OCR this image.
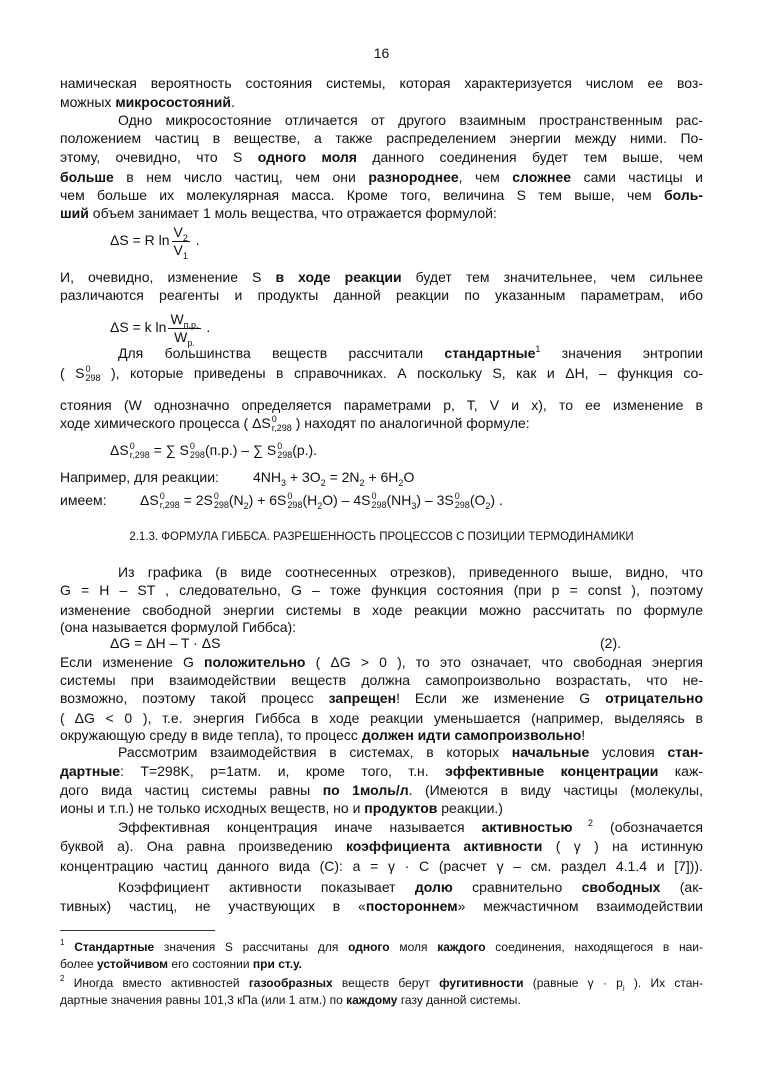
16
намическая вероятность состояния системы, которая характеризуется числом ее воз-
можных микросостояний.
Одно микросостояние отличается от другого взаимным пространственным рас-
положением частиц в веществе, а также распределением энергии между ними. По-
этому, очевидно, что S одного моля данного соединения будет тем выше, чем
больше в нем число частиц, чем они разнороднее, чем сложнее сами частицы и
чем больше их молекулярная масса. Кроме того, величина S тем выше, чем боль-
ший объем занимает 1 моль вещества, что отражается формулой:
ΔS = R $\ln \frac{V_2}{V_1}$ .
И, очевидно, изменение S в ходе реакции будет тем значительнее, чем сильнее
различаются реагенты и продукты данной реакции по указанным параметрам, ибо
ΔS = k $\ln \frac{W_{п.р.}}{W_{р.}}$ .
Для большинства веществ рассчитали стандартные$^1$ значения энтропии
( S 0
298 ), которые приведены в справочниках. А поскольку S, как и ΔH, – функция со-
стояния (W однозначно определяется параметрами p, T, V и x), то ее изменение в
ходе химического процесса ( ΔS 0
r,298 ) находят по аналогичной формуле:
ΔS 0
r,298 = ∑ S 0
298 (п.р.) – ∑ S 0
298 (р.).
Например, для реакции: $4NH_3 + 3O_2 = 2N_2 + 6H_2O$
имеем: ΔS 0
r,298 = 2S 0
298 $(N_2) + 6S$ 0
298 $(H_2O) - 4S$ 0
298 $(NH_3) - 3S$ 0
298 $(O_2)$ .
Из графика (в виде соотнесенных отрезков), приведенного выше, видно, что
G = H – ST , следовательно, G – тоже функция состояния (при p = const ), поэтому
изменение свободной энергии системы в ходе реакции можно рассчитать по формуле
(она называется формулой Гиббса):
ΔG = ΔH – T · ΔS	(2).
Если изменение G положительно ( ΔG > 0 ), то это означает, что свободная энергия
системы при взаимодействии веществ должна самопроизвольно возрастать, что не-
возможно, поэтому такой процесс запрещен! Если же изменение G отрицательно
( ΔG < 0 ), т.е. энергия Гиббса в ходе реакции уменьшается (например, выделяясь в
окружающую среду в виде тепла), то процесс должен идти самопроизвольно!
Рассмотрим взаимодействия в системах, в которых начальные условия стан-
дартные: T=298K, p=1атм. и, кроме того, т.н. эффективные концентрации каж-
дого вида частиц системы равны по 1моль/л. (Имеются в виду частицы (молекулы,
ионы и т.п.) не только исходных веществ, но и продуктов реакции.)
Эффективная концентрация иначе называется активностью $^2$ (обозначается
буквой а). Она равна произведению коэффициента активности ( γ ) на истинную
концентрацию частиц данного вида (С): a = γ · C (расчет γ – см. раздел 4.1.4 и [7])).
Коэффициент активности показывает долю сравнительно свободных (ак-
тивных) частиц, не участвующих в «постороннем» межчастичном взаимодействии
2.1.3. ФОРМУЛА ГИББСА. РАЗРЕШЕННОСТЬ ПРОЦЕССОВ С ПОЗИЦИИ ТЕРМОДИНАМИКИ
$^1$ Стандартные значения S рассчитаны для одного моля каждого соединения, находящегося в наи-
более устойчивом его состоянии при ст.у.
$^2$ Иногда вместо активностей газообразных веществ берут фугитивности (равные $\gamma \cdot p_i$ ). Их стан-
дартные значения равны 101,3 кПа (или 1 атм.) по каждому газу данной системы.
